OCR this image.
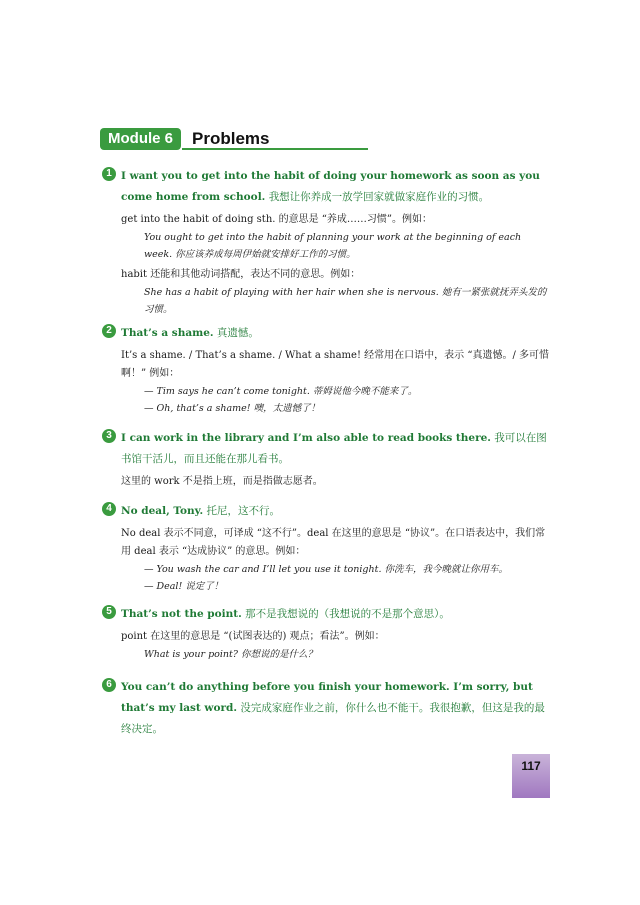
Module 6	Problems
1 I want you to get into the habit of doing your homework as soon as you come home from school. 我想让你养成一放学回家就做家庭作业的习惯。
get into the habit of doing sth. 的意思是 “养成……习惯”。例如：
You ought to get into the habit of planning your work at the beginning of each week. 你应该养成每周伊始就安排好工作的习惯。
habit 还能和其他动词搭配，表达不同的意思。例如：
She has a habit of playing with her hair when she is nervous. 她有一紧张就抚弄头发的习惯。
2 That’s a shame. 真遗憾。
It’s a shame. / That’s a shame. / What a shame! 经常用在口语中，表示 “真遗憾。/ 多可惜啊！” 例如：
— Tim says he can’t come tonight. 蒂姆说他今晚不能来了。
— Oh, that’s a shame! 噢，太遗憾了！
3 I can work in the library and I’m also able to read books there. 我可以在图书馆干活儿，而且还能在那儿看书。
这里的 work 不是指上班，而是指做志愿者。
4 No deal, Tony. 托尼，这不行。
No deal 表示不同意，可译成 “这不行”。deal 在这里的意思是 “协议”。在口语表达中，我们常用 deal 表示 “达成协议” 的意思。例如：
— You wash the car and I’ll let you use it tonight. 你洗车，我今晚就让你用车。
— Deal! 说定了！
5 That’s not the point. 那不是我想说的（我想说的不是那个意思）。
point 在这里的意思是 “(试图表达的) 观点；看法”。例如：
What is your point? 你想说的是什么？
6 You can’t do anything before you finish your homework. I’m sorry, but that’s my last word. 没完成家庭作业之前，你什么也不能干。我很抱歉，但这是我的最终决定。
117
